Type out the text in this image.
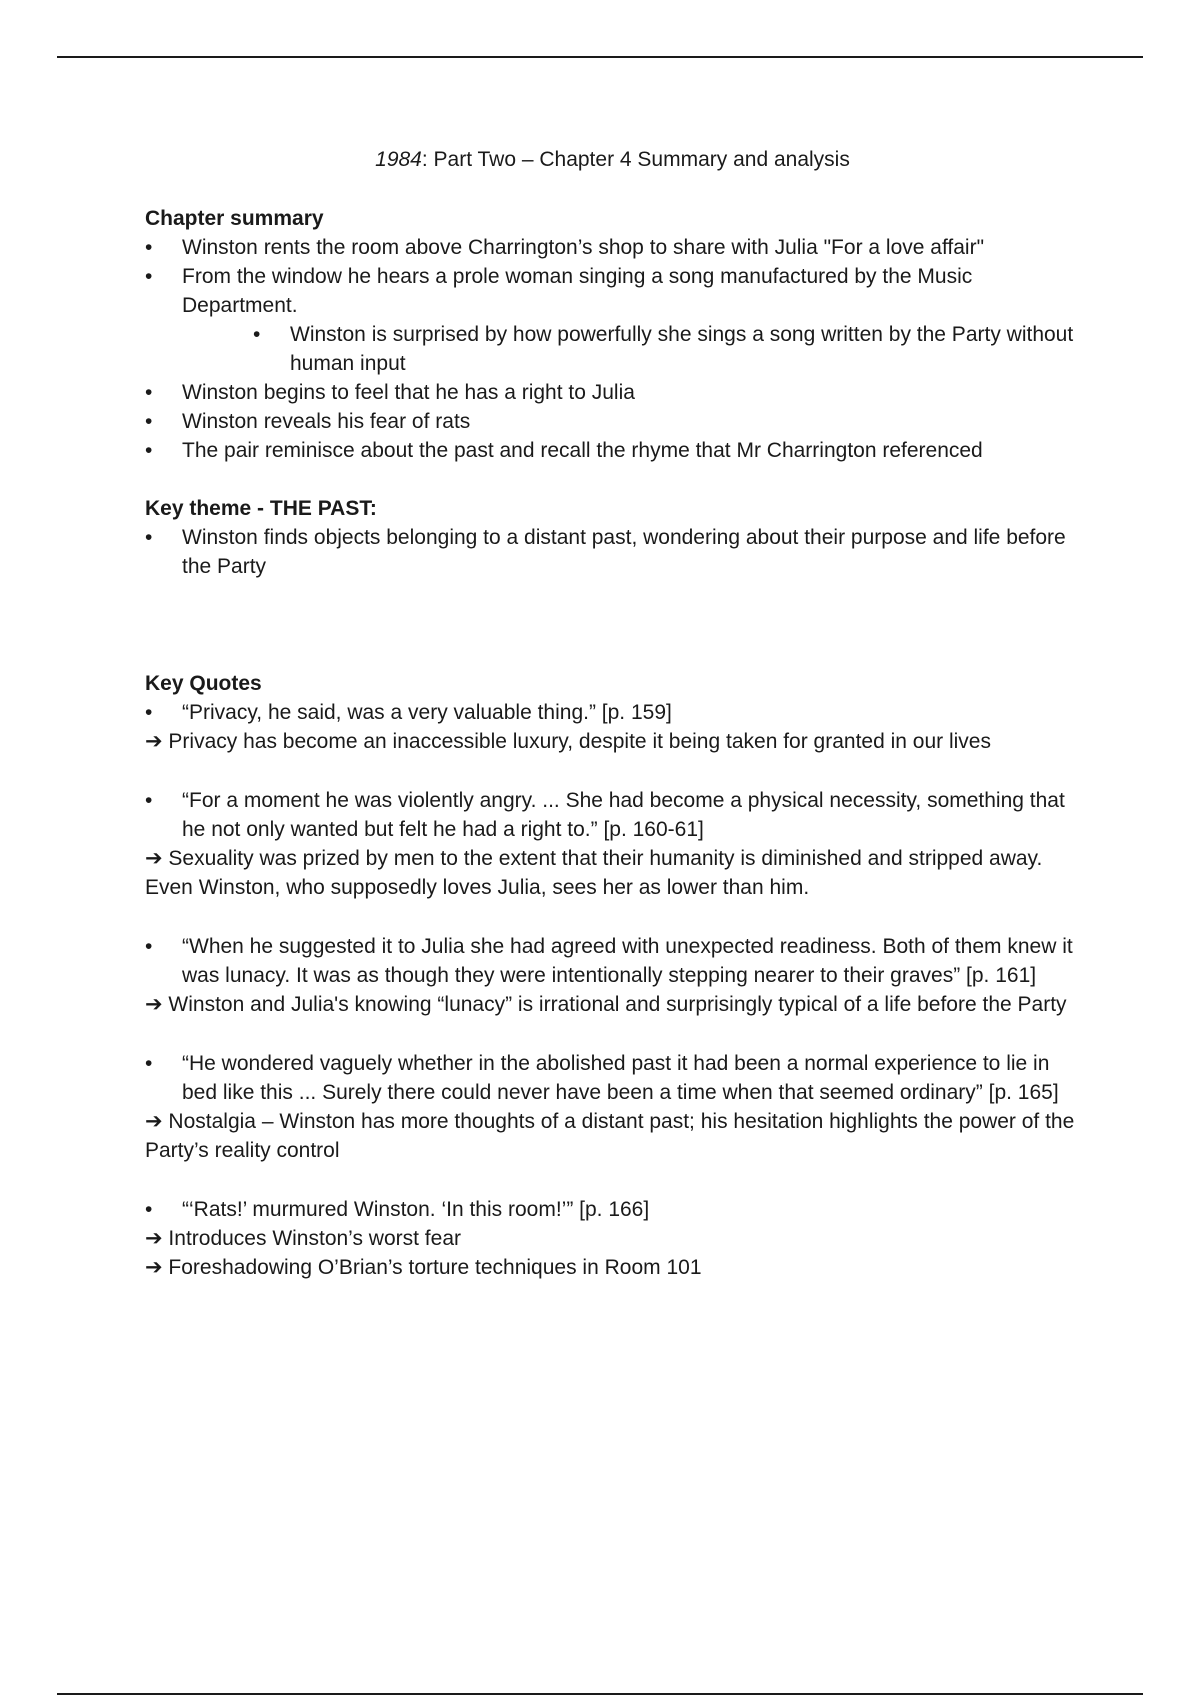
1984: Part Two – Chapter 4 Summary and analysis

Chapter summary

• Winston rents the room above Charrington’s shop to share with Julia "For a love affair"
• From the window he hears a prole woman singing a song manufactured by the Music Department.
• Winston is surprised by how powerfully she sings a song written by the Party without human input
• Winston begins to feel that he has a right to Julia
• Winston reveals his fear of rats
• The pair reminisce about the past and recall the rhyme that Mr Charrington referenced

Key theme - THE PAST:

• Winston finds objects belonging to a distant past, wondering about their purpose and life before the Party

Key Quotes

• “Privacy, he said, was a very valuable thing.” [p. 159]

➔ Privacy has become an inaccessible luxury, despite it being taken for granted in our lives

• “For a moment he was violently angry. ... She had become a physical necessity, something that he not only wanted but felt he had a right to.” [p. 160-61]

➔ Sexuality was prized by men to the extent that their humanity is diminished and stripped away. Even Winston, who supposedly loves Julia, sees her as lower than him.

• “When he suggested it to Julia she had agreed with unexpected readiness. Both of them knew it was lunacy. It was as though they were intentionally stepping nearer to their graves” [p. 161]

➔ Winston and Julia's knowing “lunacy” is irrational and surprisingly typical of a life before the Party

• “He wondered vaguely whether in the abolished past it had been a normal experience to lie in bed like this ... Surely there could never have been a time when that seemed ordinary” [p. 165]

➔ Nostalgia – Winston has more thoughts of a distant past; his hesitation highlights the power of the Party’s reality control

• “‘Rats!’ murmured Winston. ‘In this room!’” [p. 166]

➔ Introduces Winston’s worst fear

➔ Foreshadowing O’Brian’s torture techniques in Room 101
